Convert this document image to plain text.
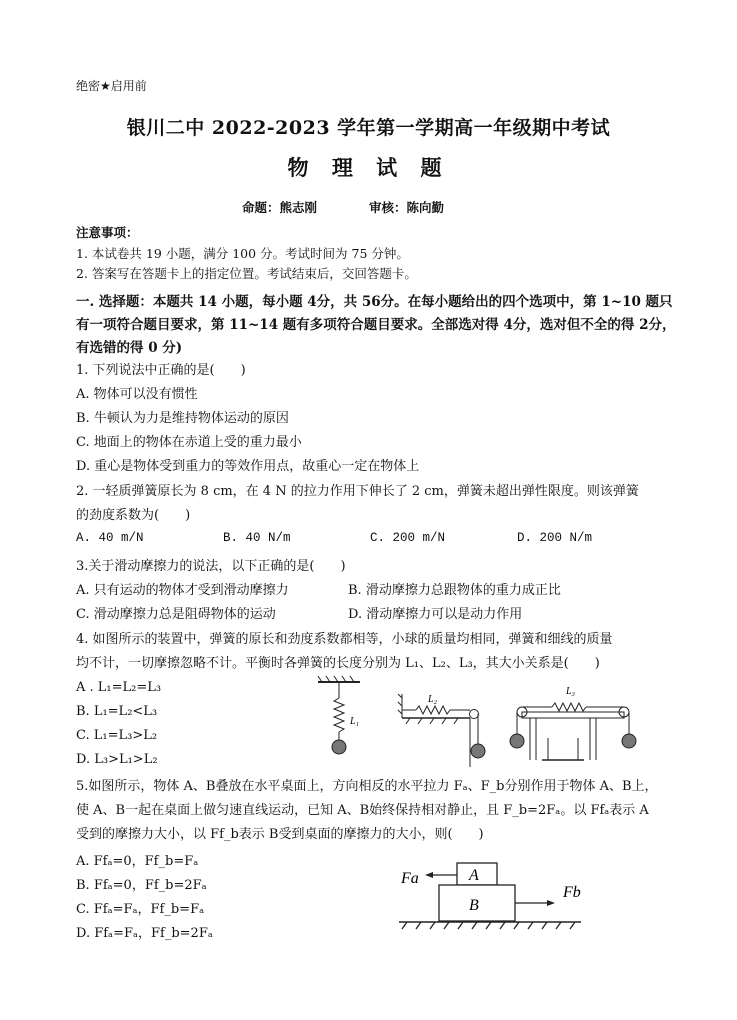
绝密★启用前
银川二中 2022-2023 学年第一学期高一年级期中考试
物 理 试 题
命题：熊志刚	审核：陈向勤
注意事项：
1. 本试卷共 19 小题，满分 100 分。考试时间为 75 分钟。
2. 答案写在答题卡上的指定位置。考试结束后，交回答题卡。
一. 选择题：本题共 14 小题，每小题 4分，共 56分。在每小题给出的四个选项中，第 1~10 题只有一项符合题目要求，第 11~14 题有多项符合题目要求。全部选对得 4分，选对但不全的得 2分，有选错的得 0 分)
1. 下列说法中正确的是(　　)
A. 物体可以没有惯性
B. 牛顿认为力是维持物体运动的原因
C. 地面上的物体在赤道上受的重力最小
D. 重心是物体受到重力的等效作用点，故重心一定在物体上
2. 一轻质弹簧原长为 8 cm，在 4 N 的拉力作用下伸长了 2 cm，弹簧未超出弹性限度。则该弹簧
的劲度系数为(　　)
A. 40 m/N	B. 40 N/m	C. 200 m/N	D. 200 N/m
3.关于滑动摩擦力的说法，以下正确的是(　　)
A. 只有运动的物体才受到滑动摩擦力	B. 滑动摩擦力总跟物体的重力成正比
C. 滑动摩擦力总是阻碍物体的运动	D. 滑动摩擦力可以是动力作用
4. 如图所示的装置中，弹簧的原长和劲度系数都相等，小球的质量均相同，弹簧和细线的质量
均不计，一切摩擦忽略不计。平衡时各弹簧的长度分别为 L₁、L₂、L₃，其大小关系是(　　)
A . L₁=L₂=L₃
B. L₁=L₂<L₃
C. L₁=L₃>L₂
D. L₃>L₁>L₂
L₁
L₂
L₃
5.如图所示，物体 A、B叠放在水平桌面上，方向相反的水平拉力 Fₐ、F_b分别作用于物体 A、B上，
使 A、B一起在桌面上做匀速直线运动，已知 A、B始终保持相对静止，且 F_b=2Fₐ。以 Ffₐ表示 A
受到的摩擦力大小，以 Ff_b表示 B受到桌面的摩擦力的大小，则(　　)
A. Ffₐ=0，Ff_b=Fₐ
B. Ffₐ=0，Ff_b=2Fₐ
C. Ffₐ=Fₐ，Ff_b=Fₐ
D. Ffₐ=Fₐ，Ff_b=2Fₐ
Fa	A
B
Fb
